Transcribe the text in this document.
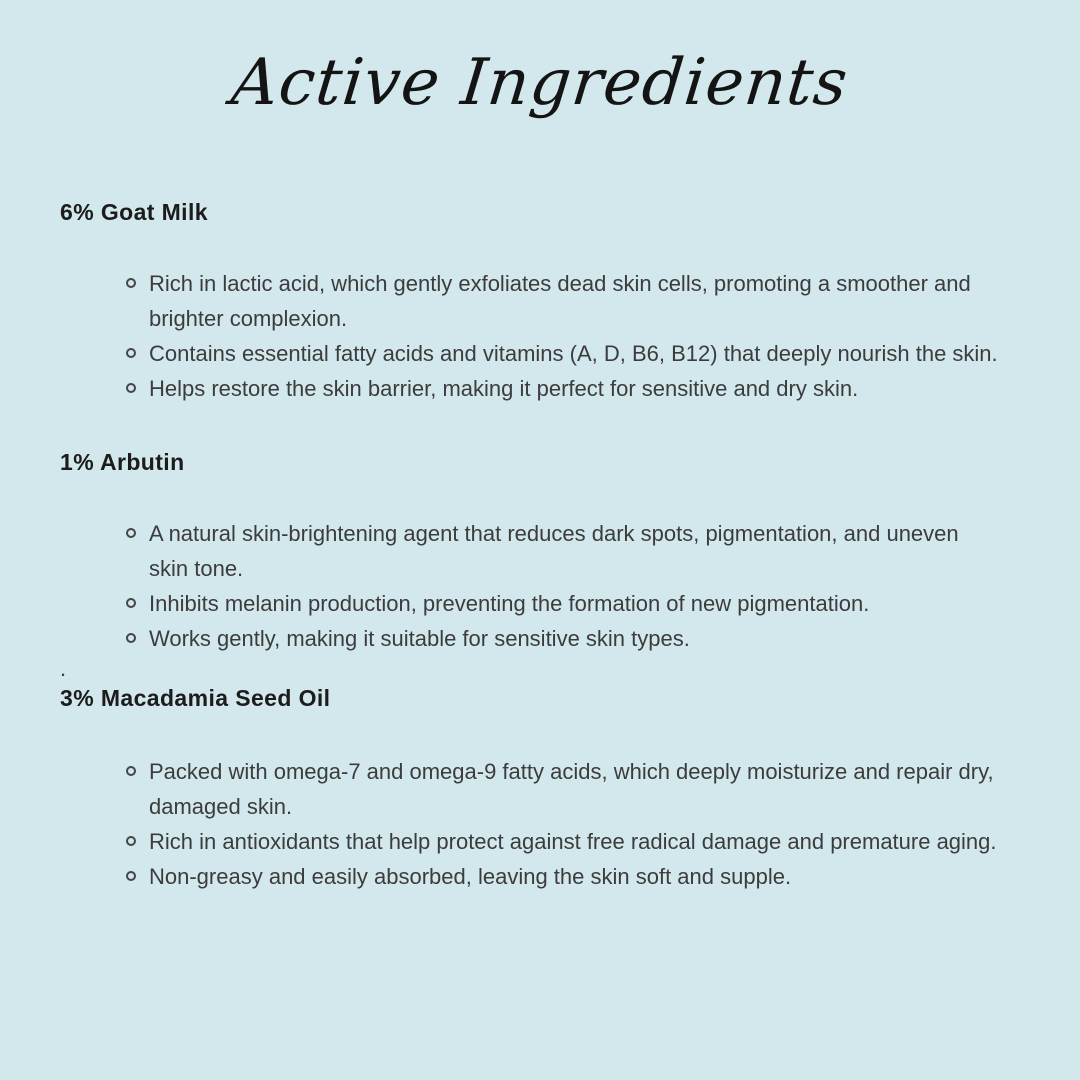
Active Ingredients
6% Goat Milk
Rich in lactic acid, which gently exfoliates dead skin cells, promoting a smoother and brighter complexion.
Contains essential fatty acids and vitamins (A, D, B6, B12) that deeply nourish the skin.
Helps restore the skin barrier, making it perfect for sensitive and dry skin.
1% Arbutin
A natural skin-brightening agent that reduces dark spots, pigmentation, and uneven skin tone.
Inhibits melanin production, preventing the formation of new pigmentation.
Works gently, making it suitable for sensitive skin types.
.
3% Macadamia Seed Oil
Packed with omega-7 and omega-9 fatty acids, which deeply moisturize and repair dry, damaged skin.
Rich in antioxidants that help protect against free radical damage and premature aging.
Non-greasy and easily absorbed, leaving the skin soft and supple.
